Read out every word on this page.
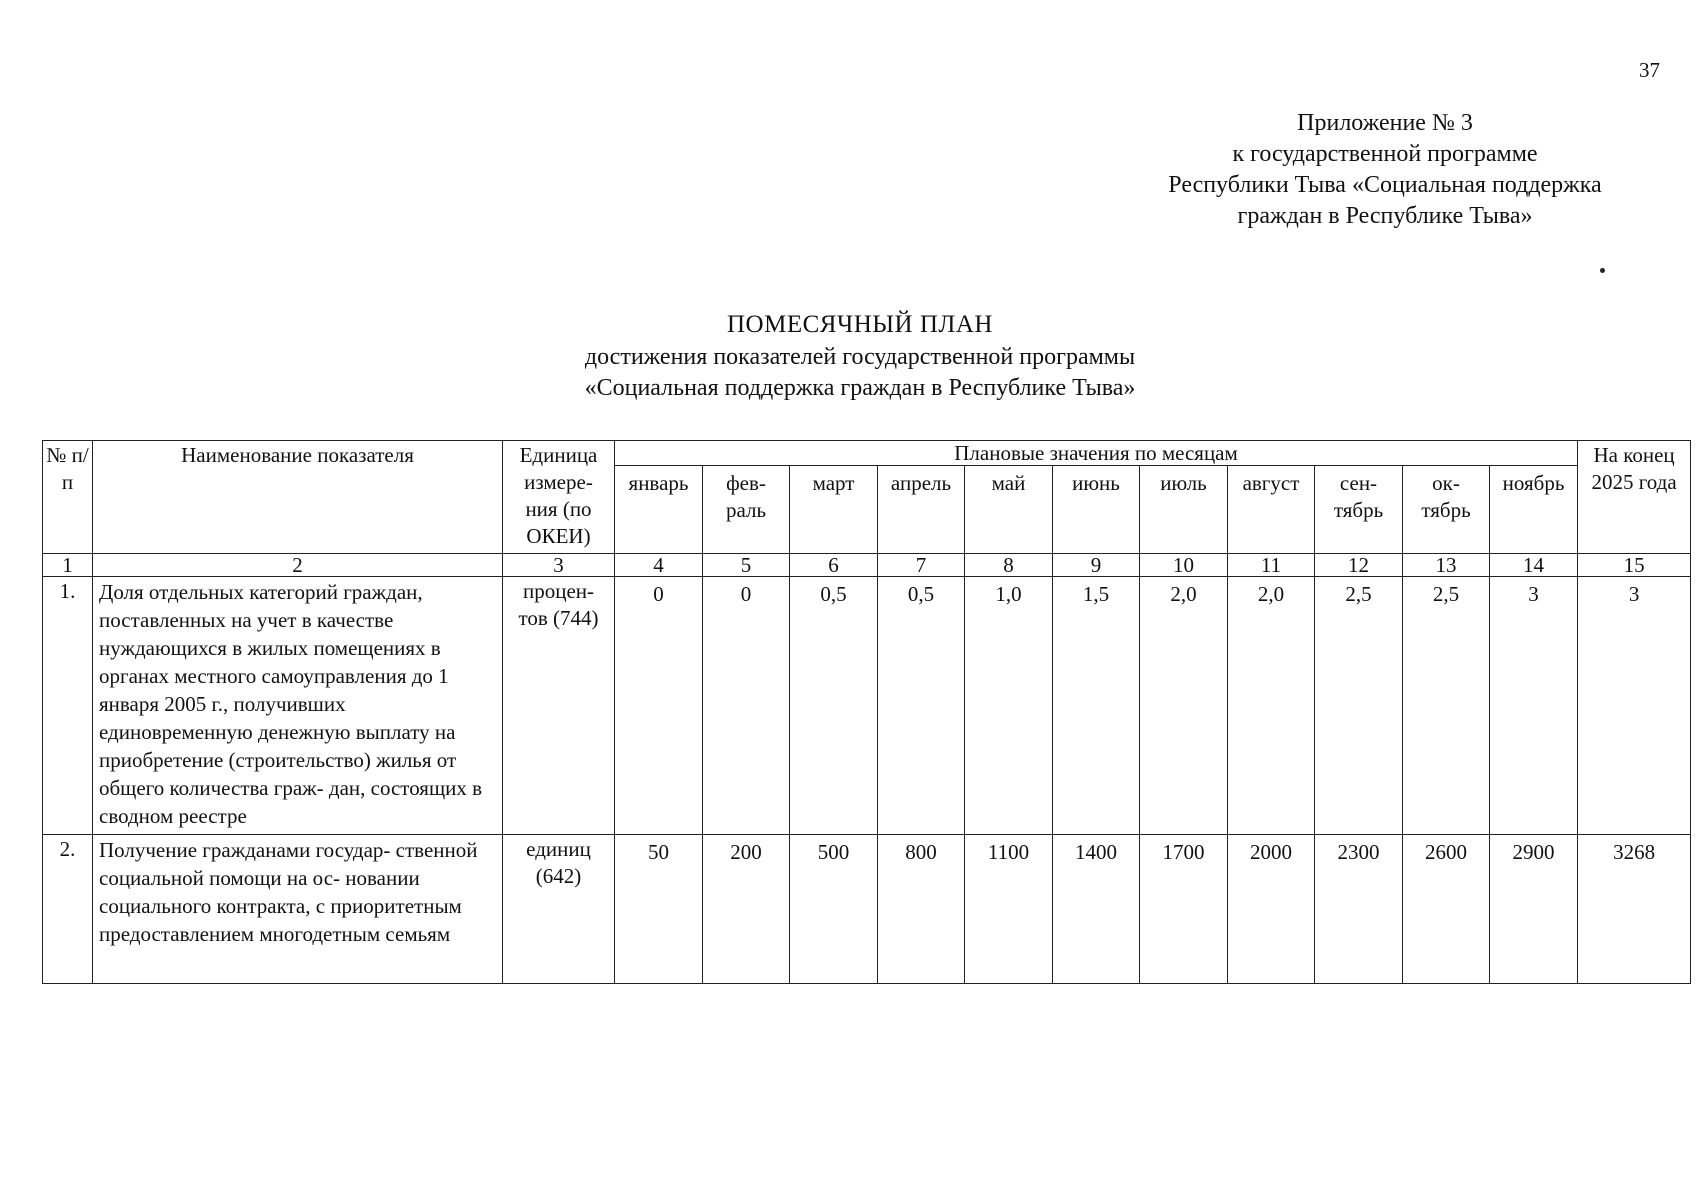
37
Приложение № 3
к государственной программе
Республики Тыва «Социальная поддержка
граждан в Республике Тыва»
ПОМЕСЯЧНЫЙ ПЛАН
достижения показателей государственной программы
«Социальная поддержка граждан в Республике Тыва»
№ п/п	Наименование показателя	Единица измере- ния (по ОКЕИ)	Плановые значения по месяцам											На конец 2025 года
			январь	фев- раль	март	апрель	май	июнь	июль	август	сен- тябрь	ок- тябрь	ноябрь	
1	2	3	4	5	6	7	8	9	10	11	12	13	14	15
1.	Доля отдельных категорий граждан, поставленных на учет в качестве нуждающихся в жилых помещениях в органах местного самоуправления до 1 января 2005 г., получивших единовременную денежную выплату на приобретение (строительство) жилья от общего количества граж- дан, состоящих в сводном реестре	процен- тов (744)	0	0	0,5	0,5	1,0	1,5	2,0	2,0	2,5	2,5	3	3
2.	Получение гражданами государ- ственной социальной помощи на ос- новании социального контракта, с приоритетным предоставлением многодетным семьям	единиц (642)	50	200	500	800	1100	1400	1700	2000	2300	2600	2900	3268
